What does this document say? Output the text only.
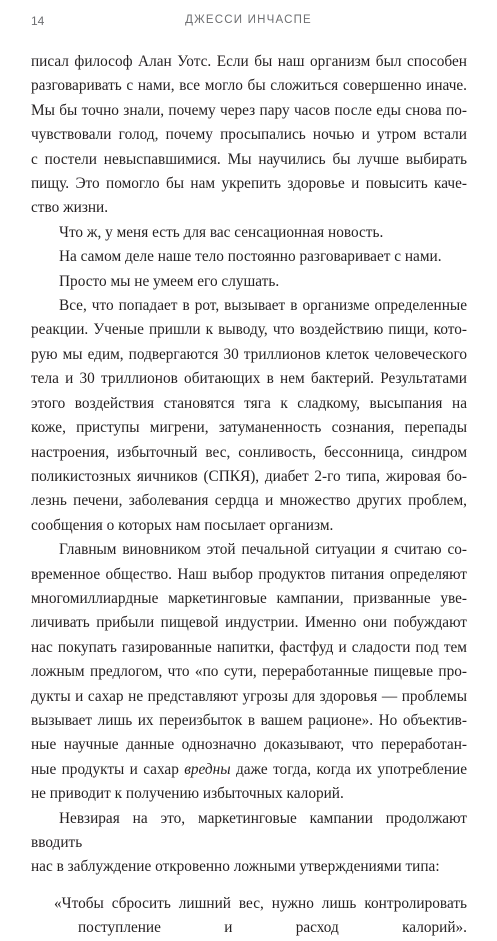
14	ДЖЕССИ ИНЧАСПЕ

писал философ Алан Уотс. Если бы наш организм был способен

разговаривать с нами, все могло бы сложиться совершенно иначе.

Мы бы точно знали, почему через пару часов после еды снова по-

чувствовали голод, почему просыпались ночью и утром встали

с постели невыспавшимися. Мы научились бы лучше выбирать

пищу. Это помогло бы нам укрепить здоровье и повысить каче-

ство жизни.

Что ж, у меня есть для вас сенсационная новость.

На самом деле наше тело постоянно разговаривает с нами.

Просто мы не умеем его слушать.

Все, что попадает в рот, вызывает в организме определенные

реакции. Ученые пришли к выводу, что воздействию пищи, кото-

рую мы едим, подвергаются 30 триллионов клеток человеческого

тела и 30 триллионов обитающих в нем бактерий. Результатами

этого воздействия становятся тяга к сладкому, высыпания на

коже, приступы мигрени, затуманенность сознания, перепады

настроения, избыточный вес, сонливость, бессонница, синдром

поликистозных яичников (СПКЯ), диабет 2-го типа, жировая бо-

лезнь печени, заболевания сердца и множество других проблем,

сообщения о которых нам посылает организм.

Главным виновником этой печальной ситуации я считаю со-

временное общество. Наш выбор продуктов питания определяют

многомиллиардные маркетинговые кампании, призванные уве-

личивать прибыли пищевой индустрии. Именно они побуждают

нас покупать газированные напитки, фастфуд и сладости под тем

ложным предлогом, что «по сути, переработанные пищевые про-

дукты и сахар не представляют угрозы для здоровья — проблемы

вызывает лишь их переизбыток в вашем рационе». Но объектив-

ные научные данные однозначно доказывают, что переработан-

ные продукты и сахар вредны даже тогда, когда их употребление

не приводит к получению избыточных калорий.

Невзирая на это, маркетинговые кампании продолжают вводить

нас в заблуждение откровенно ложными утверждениями типа:

«Чтобы сбросить лишний вес, нужно лишь контролировать

поступление и расход калорий».
